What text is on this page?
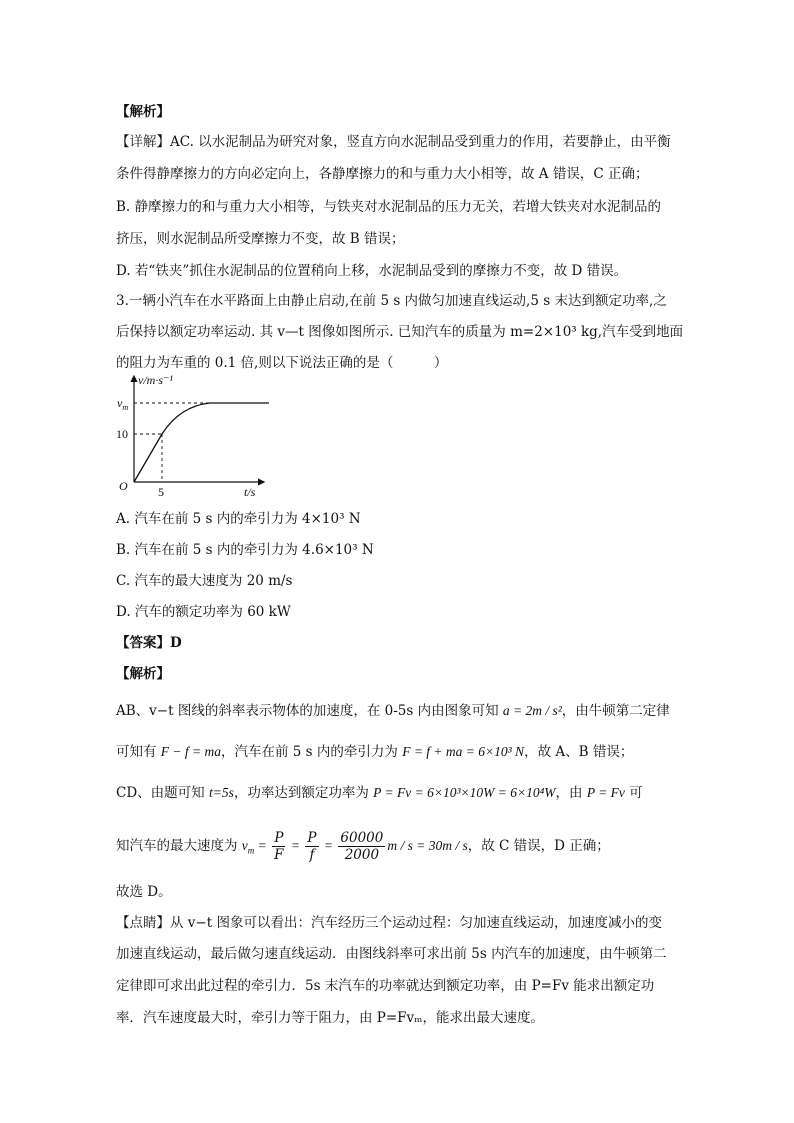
【解析】
【详解】AC. 以水泥制品为研究对象，竖直方向水泥制品受到重力的作用，若要静止，由平衡
条件得静摩擦力的方向必定向上，各静摩擦力的和与重力大小相等，故 A 错误，C 正确；
B. 静摩擦力的和与重力大小相等，与铁夹对水泥制品的压力无关，若增大铁夹对水泥制品的
挤压，则水泥制品所受摩擦力不变，故 B 错误；
D. 若“铁夹”抓住水泥制品的位置稍向上移，水泥制品受到的摩擦力不变，故 D 错误。
3.一辆小汽车在水平路面上由静止启动,在前 5 s 内做匀加速直线运动,5 s 末达到额定功率,之
后保持以额定功率运动. 其 v—t 图像如图所示. 已知汽车的质量为 m=2×10³ kg,汽车受到地面
的阻力为车重的 0.1 倍,则以下说法正确的是（　　　）
v/m·s⁻¹
t/s
O
$v_m$
10
5
A. 汽车在前 5 s 内的牵引力为 4×10³ N
B. 汽车在前 5 s 内的牵引力为 4.6×10³ N
C. 汽车的最大速度为 20 m/s
D. 汽车的额定功率为 60 kW
【答案】D
【解析】
AB、v−t 图线的斜率表示物体的加速度，在 0-5s 内由图象可知 a = 2m / s²，由牛顿第二定律
可知有 F − f = ma，汽车在前 5 s 内的牵引力为 F = f + ma = 6×10³ N，故 A、B 错误；
CD、由题可知 t=5s，功率达到额定功率为 P = Fv = 6×10³×10W = 6×10⁴W，由 P = Fv 可
知汽车的最大速度为 $v_m = \frac{P}{F} = \frac{P}{f} = \frac{60000}{2000}$ m / s = 30m / s，故 C 错误，D 正确；
故选 D。
【点睛】从 v−t 图象可以看出：汽车经历三个运动过程：匀加速直线运动，加速度减小的变
加速直线运动，最后做匀速直线运动．由图线斜率可求出前 5s 内汽车的加速度，由牛顿第二
定律即可求出此过程的牵引力．5s 末汽车的功率就达到额定功率，由 P=Fv 能求出额定功
率．汽车速度最大时，牵引力等于阻力，由 P=Fvₘ，能求出最大速度。
